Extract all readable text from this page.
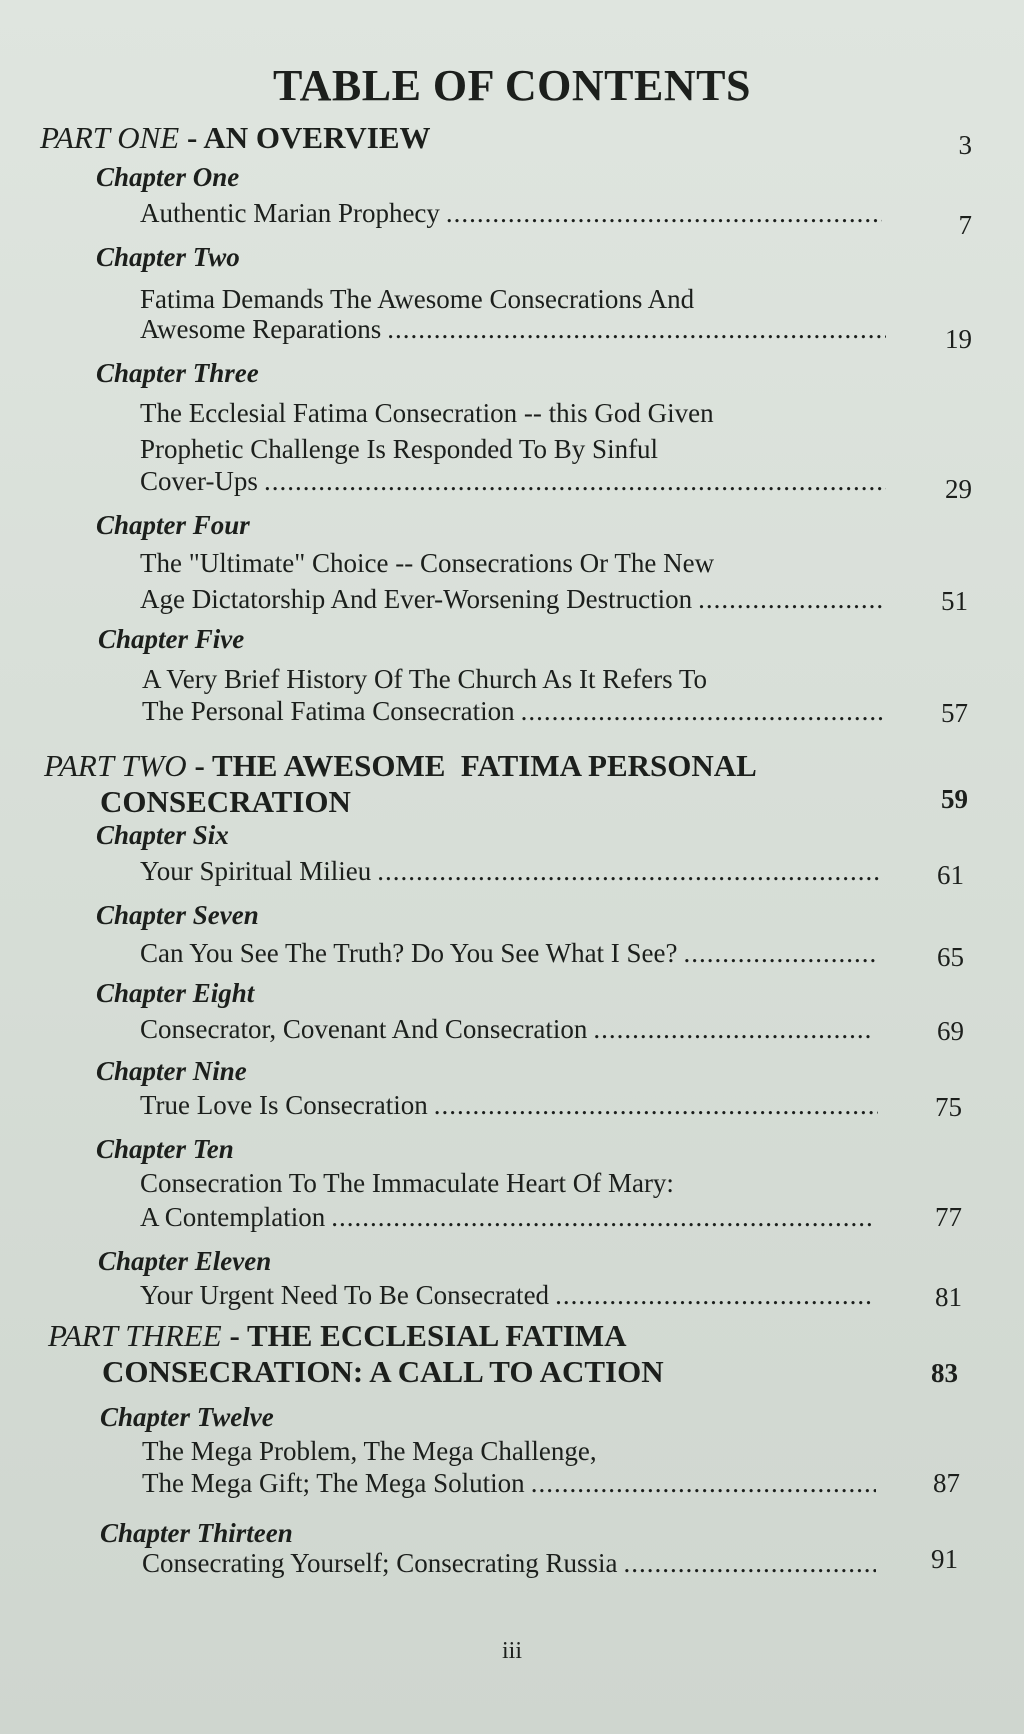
TABLE OF CONTENTS
PART ONE - AN OVERVIEW	3
Chapter One
Authentic Marian Prophecy .....	7
Chapter Two
Fatima Demands The Awesome Consecrations And
Awesome Reparations .....	19
Chapter Three
The Ecclesial Fatima Consecration -- this God Given
Prophetic Challenge Is Responded To By Sinful
Cover-Ups .....	29
Chapter Four
The "Ultimate" Choice -- Consecrations Or The New
Age Dictatorship And Ever-Worsening Destruction .....	51
Chapter Five
A Very Brief History Of The Church As It Refers To
The Personal Fatima Consecration .....	57
PART TWO - THE AWESOME  FATIMA PERSONAL
CONSECRATION	59
Chapter Six
Your Spiritual Milieu .....	61
Chapter Seven
Can You See The Truth? Do You See What I See? .....	65
Chapter Eight
Consecrator, Covenant And Consecration .....	69
Chapter Nine
True Love Is Consecration .....	75
Chapter Ten
Consecration To The Immaculate Heart Of Mary:
A Contemplation .....	77
Chapter Eleven
Your Urgent Need To Be Consecrated .....	81
PART THREE - THE ECCLESIAL FATIMA
CONSECRATION: A CALL TO ACTION	83
Chapter Twelve
The Mega Problem, The Mega Challenge,
The Mega Gift; The Mega Solution .....	87
Chapter Thirteen
Consecrating Yourself; Consecrating Russia .....	91
iii
